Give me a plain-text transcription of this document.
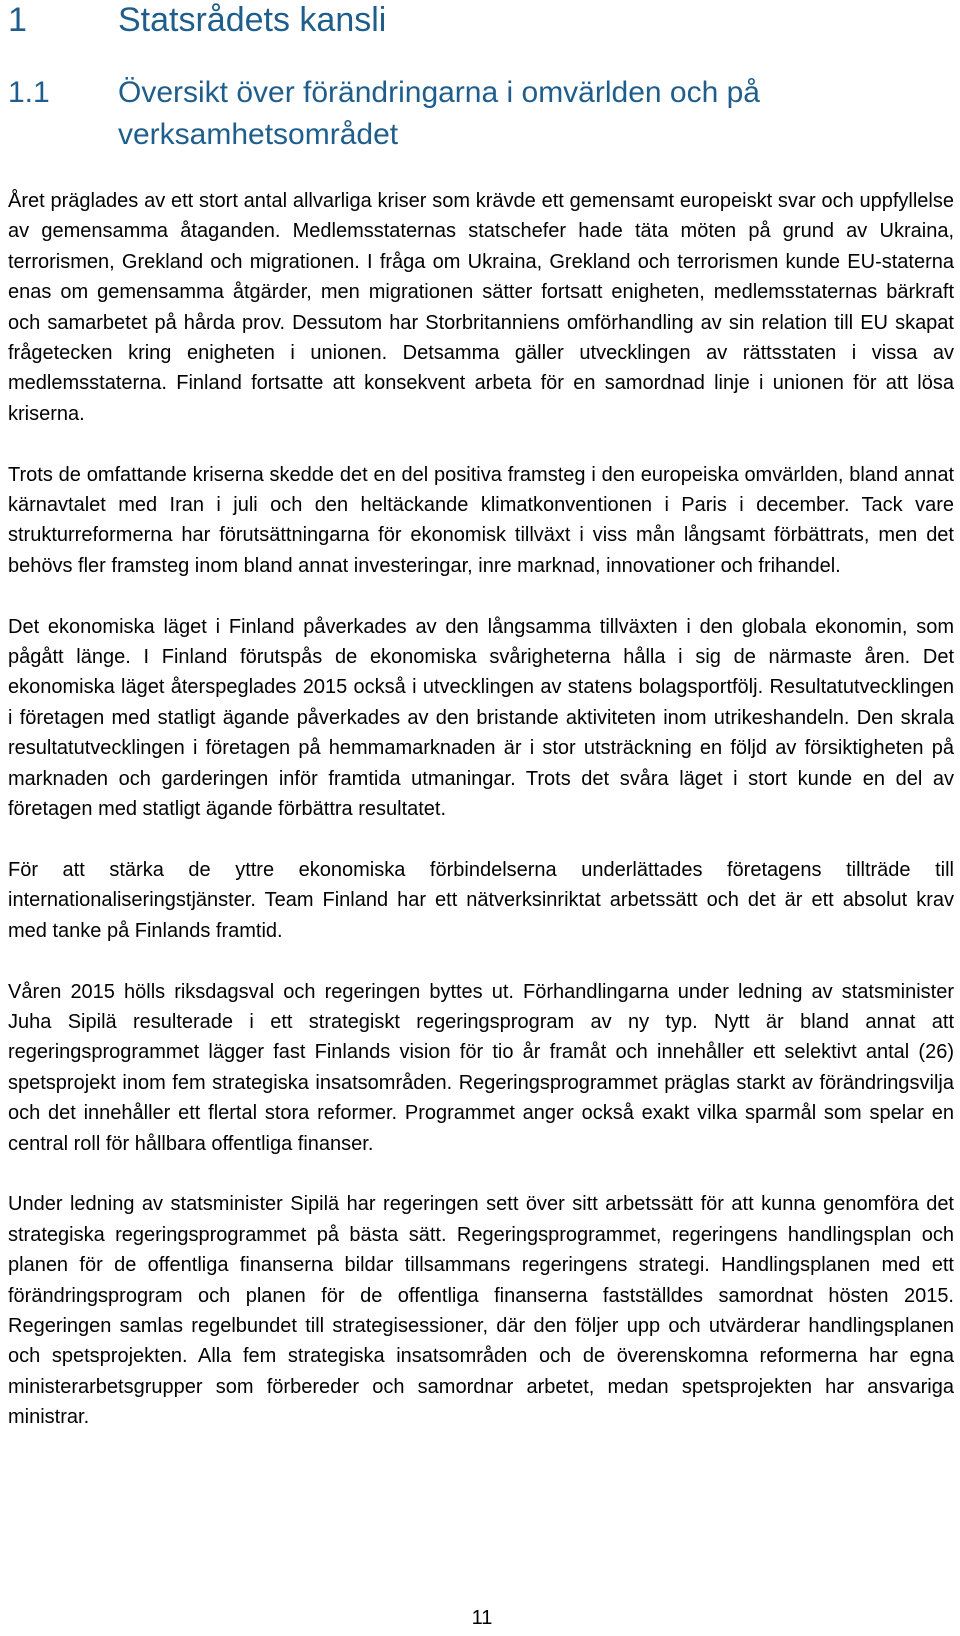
1	Statsrådets kansli
1.1 Översikt över förändringarna i omvärlden och på verksamhetsområdet

Året präglades av ett stort antal allvarliga kriser som krävde ett gemensamt europeiskt svar och uppfyllelse av gemensamma åtaganden. Medlemsstaternas statschefer hade täta möten på grund av Ukraina, terrorismen, Grekland och migrationen. I fråga om Ukraina, Grekland och terrorismen kunde EU-staterna enas om gemensamma åtgärder, men migrationen sätter fortsatt enigheten, medlemsstaternas bärkraft och samarbetet på hårda prov. Dessutom har Storbritanniens omförhandling av sin relation till EU skapat frågetecken kring enigheten i unionen. Detsamma gäller utvecklingen av rättsstaten i vissa av medlemsstaterna. Finland fortsatte att konsekvent arbeta för en samordnad linje i unionen för att lösa kriserna.

Trots de omfattande kriserna skedde det en del positiva framsteg i den europeiska omvärlden, bland annat kärnavtalet med Iran i juli och den heltäckande klimatkonventionen i Paris i december. Tack vare strukturreformerna har förutsättningarna för ekonomisk tillväxt i viss mån långsamt förbättrats, men det behövs fler framsteg inom bland annat investeringar, inre marknad, innovationer och frihandel.

Det ekonomiska läget i Finland påverkades av den långsamma tillväxten i den globala ekonomin, som pågått länge. I Finland förutspås de ekonomiska svårigheterna hålla i sig de närmaste åren. Det ekonomiska läget återspeglades 2015 också i utvecklingen av statens bolagsportfölj. Resultatutvecklingen i företagen med statligt ägande påverkades av den bristande aktiviteten inom utrikeshandeln. Den skrala resultatutvecklingen i företagen på hemmamarknaden är i stor utsträckning en följd av försiktigheten på marknaden och garderingen inför framtida utmaningar. Trots det svåra läget i stort kunde en del av företagen med statligt ägande förbättra resultatet.

För att stärka de yttre ekonomiska förbindelserna underlättades företagens tillträde till internationaliseringstjänster. Team Finland har ett nätverksinriktat arbetssätt och det är ett absolut krav med tanke på Finlands framtid.

Våren 2015 hölls riksdagsval och regeringen byttes ut. Förhandlingarna under ledning av statsminister Juha Sipilä resulterade i ett strategiskt regeringsprogram av ny typ. Nytt är bland annat att regeringsprogrammet lägger fast Finlands vision för tio år framåt och innehåller ett selektivt antal (26) spetsprojekt inom fem strategiska insatsområden. Regeringsprogrammet präglas starkt av förändringsvilja och det innehåller ett flertal stora reformer. Programmet anger också exakt vilka sparmål som spelar en central roll för hållbara offentliga finanser.

Under ledning av statsminister Sipilä har regeringen sett över sitt arbetssätt för att kunna genomföra det strategiska regeringsprogrammet på bästa sätt. Regeringsprogrammet, regeringens handlingsplan och planen för de offentliga finanserna bildar tillsammans regeringens strategi. Handlingsplanen med ett förändringsprogram och planen för de offentliga finanserna fastställdes samordnat hösten 2015. Regeringen samlas regelbundet till strategisessioner, där den följer upp och utvärderar handlingsplanen och spetsprojekten. Alla fem strategiska insatsområden och de överenskomna reformerna har egna ministerarbetsgrupper som förbereder och samordnar arbetet, medan spetsprojekten har ansvariga ministrar.

11
